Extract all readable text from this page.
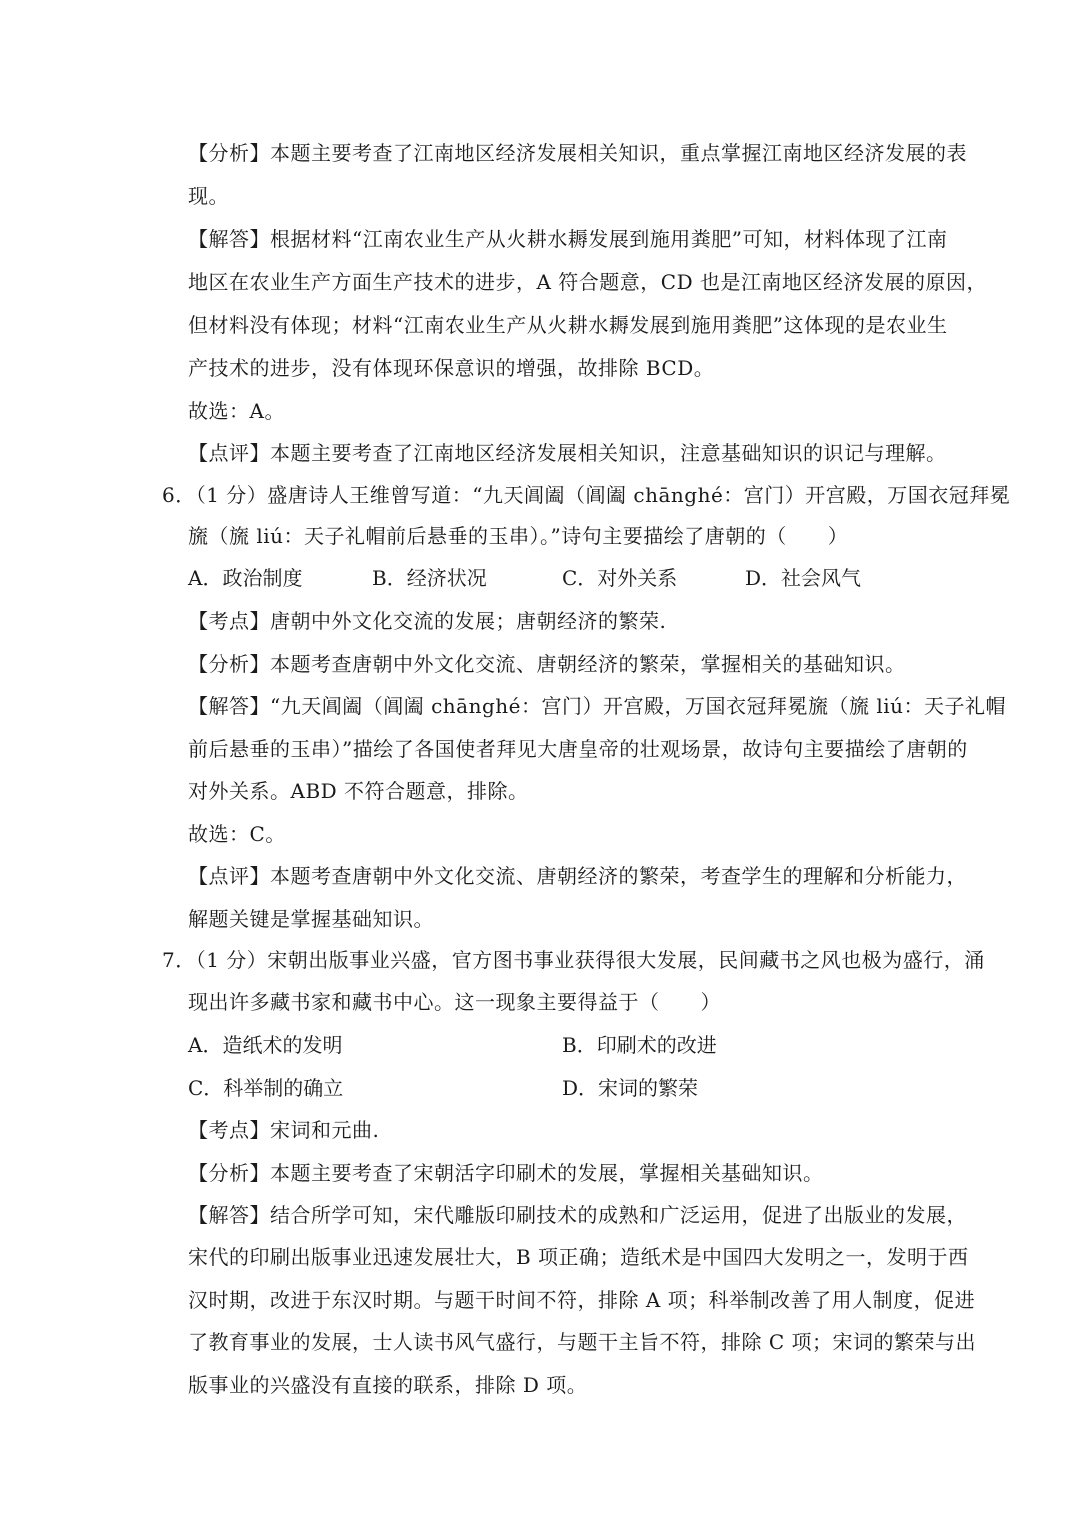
【分析】本题主要考查了江南地区经济发展相关知识，重点掌握江南地区经济发展的表
现。
【解答】根据材料“江南农业生产从火耕水耨发展到施用粪肥”可知，材料体现了江南
地区在农业生产方面生产技术的进步，A 符合题意，CD 也是江南地区经济发展的原因，
但材料没有体现；材料“江南农业生产从火耕水耨发展到施用粪肥”这体现的是农业生
产技术的进步，没有体现环保意识的增强，故排除 BCD。
故选：A。
【点评】本题主要考查了江南地区经济发展相关知识，注意基础知识的识记与理解。
6．（1 分）盛唐诗人王维曾写道：“九天阊阖（阊阖 chānghé：宫门）开宫殿，万国衣冠拜冕
旒（旒 liú：天子礼帽前后悬垂的玉串）。”诗句主要描绘了唐朝的（　　）
A．政治制度	B．经济状况	C．对外关系	D．社会风气
【考点】唐朝中外文化交流的发展；唐朝经济的繁荣.
【分析】本题考查唐朝中外文化交流、唐朝经济的繁荣，掌握相关的基础知识。
【解答】“九天阊阖（阊阖 chānghé：宫门）开宫殿，万国衣冠拜冕旒（旒 liú：天子礼帽
前后悬垂的玉串）”描绘了各国使者拜见大唐皇帝的壮观场景，故诗句主要描绘了唐朝的
对外关系。ABD 不符合题意，排除。
故选：C。
【点评】本题考查唐朝中外文化交流、唐朝经济的繁荣，考查学生的理解和分析能力，
解题关键是掌握基础知识。
7．（1 分）宋朝出版事业兴盛，官方图书事业获得很大发展，民间藏书之风也极为盛行，涌
现出许多藏书家和藏书中心。这一现象主要得益于（　　）
A．造纸术的发明	B．印刷术的改进
C．科举制的确立	D．宋词的繁荣
【考点】宋词和元曲.
【分析】本题主要考查了宋朝活字印刷术的发展，掌握相关基础知识。
【解答】结合所学可知，宋代雕版印刷技术的成熟和广泛运用，促进了出版业的发展，
宋代的印刷出版事业迅速发展壮大，B 项正确；造纸术是中国四大发明之一，发明于西
汉时期，改进于东汉时期。与题干时间不符，排除 A 项；科举制改善了用人制度，促进
了教育事业的发展，士人读书风气盛行，与题干主旨不符，排除 C 项；宋词的繁荣与出
版事业的兴盛没有直接的联系，排除 D 项。
